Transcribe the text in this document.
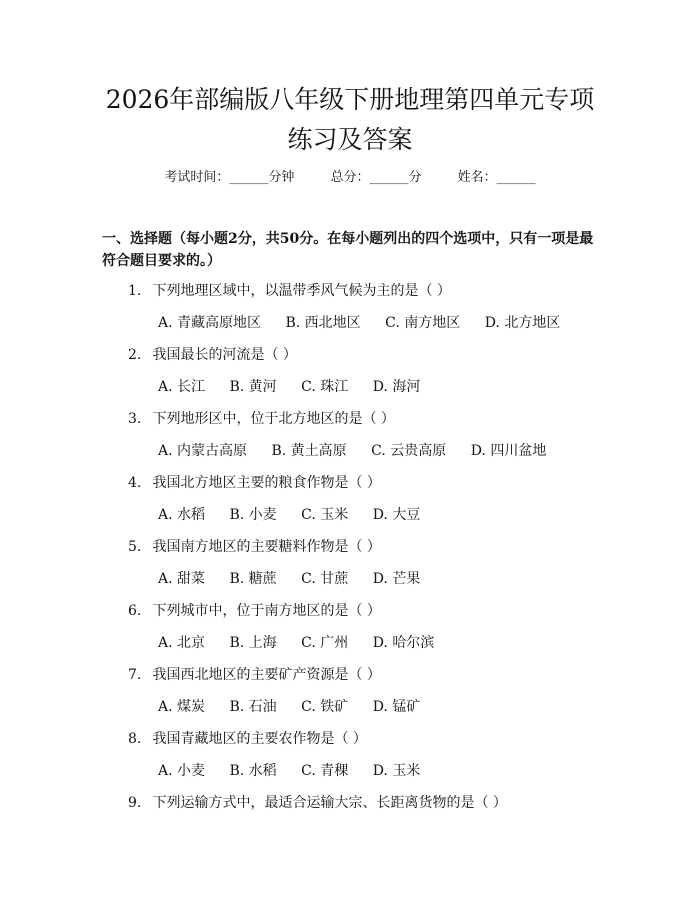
2026年部编版八年级下册地理第四单元专项
练习及答案
考试时间：______分钟	总分：______分	姓名：______
一、选择题（每小题2分，共50分。在每小题列出的四个选项中，只有一项是最符合题目要求的。）
1. 下列地理区域中，以温带季风气候为主的是（ ）
A. 青藏高原地区 B. 西北地区 C. 南方地区 D. 北方地区
2. 我国最长的河流是（ ）
A. 长江 B. 黄河 C. 珠江 D. 海河
3. 下列地形区中，位于北方地区的是（ ）
A. 内蒙古高原 B. 黄土高原 C. 云贵高原 D. 四川盆地
4. 我国北方地区主要的粮食作物是（ ）
A. 水稻 B. 小麦 C. 玉米 D. 大豆
5. 我国南方地区的主要糖料作物是（ ）
A. 甜菜 B. 糖蔗 C. 甘蔗 D. 芒果
6. 下列城市中，位于南方地区的是（ ）
A. 北京 B. 上海 C. 广州 D. 哈尔滨
7. 我国西北地区的主要矿产资源是（ ）
A. 煤炭 B. 石油 C. 铁矿 D. 锰矿
8. 我国青藏地区的主要农作物是（ ）
A. 小麦 B. 水稻 C. 青稞 D. 玉米
9. 下列运输方式中，最适合运输大宗、长距离货物的是（ ）
